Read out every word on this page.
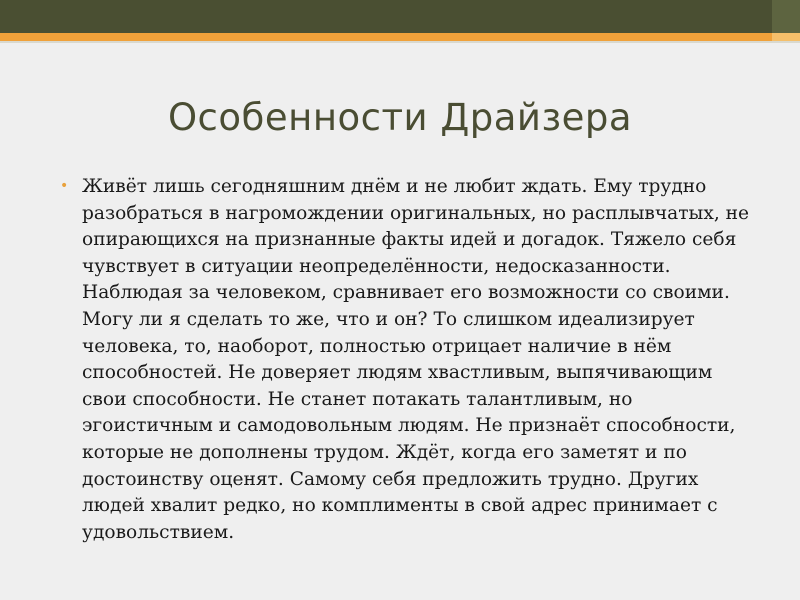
Особенности Драйзера
• Живёт лишь сегодняшним днём и не любит ждать. Ему трудно разобраться в нагромождении оригинальных, но расплывчатых, не опирающихся на признанные факты идей и догадок. Тяжело себя чувствует в ситуации неопределённости, недосказанности. Наблюдая за человеком, сравнивает его возможности со своими. Могу ли я сделать то же, что и он? То слишком идеализирует человека, то, наоборот, полностью отрицает наличие в нём способностей. Не доверяет людям хвастливым, выпячивающим свои способности. Не станет потакать талантливым, но эгоистичным и самодовольным людям. Не признаёт способности, которые не дополнены трудом. Ждёт, когда его заметят и по достоинству оценят. Самому себя предложить трудно. Других людей хвалит редко, но комплименты в свой адрес принимает с удовольствием.
